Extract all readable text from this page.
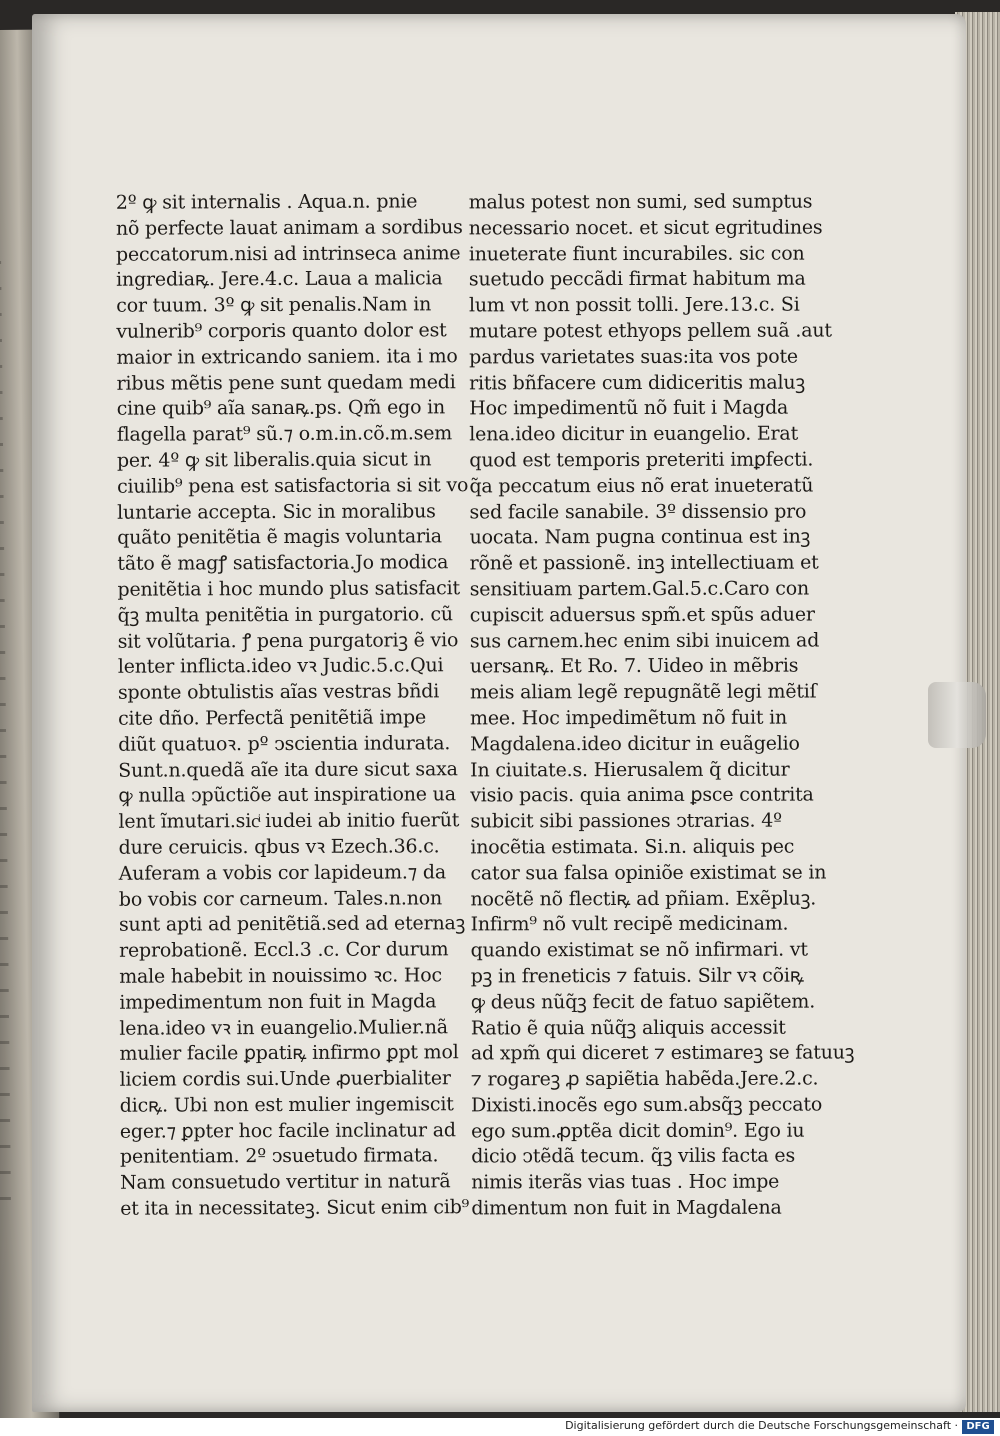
2º ꝙ sit internalis . Aqua.n. pnie
nõ perfecte lauat animam a sordibus
peccatorum.nisi ad intrinseca anime
ingrediaꝶ. Jere.4.c. Laua a malicia
cor tuum. 3º ꝙ sit penalis.Nam in
vulnerib⁹ corporis quanto dolor est
maior in extricando saniem. ita i mo
ribus mẽtis pene sunt quedam medi
cine quib⁹ aĩa sanaꝶ.ps. Qm̃ ego in
flagella parat⁹ sũ.⁊ o.m.in.cõ.m.sem
per. 4º ꝙ sit liberalis.quia sicut in
ciuilib⁹ pena est satisfactoria si sit vo
luntarie accepta. Sic in moralibus
quãto penitẽtia ẽ magis voluntaria
tãto ẽ magꝭ satisfactoria.Jo modica
penitẽtia i hoc mundo plus satisfacit
q̃ꝫ multa penitẽtia in purgatorio. cũ
sit volũtaria. ꝭ pena purgatoriꝫ ẽ vio
lenter inflicta.ideo vꝛ Judic.5.c.Qui
sponte obtulistis aĩas vestras bñdi
cite dño. Perfectã penitẽtiã impe
diũt quatuoꝛ. pº ↄscientia indurata.
Sunt.n.quedã aĩe ita dure sicut saxa
ꝙ nulla ↄpũctiõe aut inspiratione ua
lent ĩmutari.sicͥ iudei ab initio fuerũt
dure ceruicis. qbus vꝛ Ezech.36.c.
Auferam a vobis cor lapideum.⁊ da
bo vobis cor carneum. Tales.n.non
sunt apti ad penitẽtiã.sed ad eternaꝫ
reprobationẽ. Eccl.3 .c. Cor durum
male habebit in nouissimo ꝛc. Hoc
impedimentum non fuit in Magda
lena.ideo vꝛ in euangelio.Mulier.nã
mulier facile ꝑpatiꝶ infirmo ꝑpt mol
liciem cordis sui.Unde ꝓuerbialiter
dicꝶ. Ubi non est mulier ingemiscit
eger.⁊ ꝑpter hoc facile inclinatur ad
penitentiam. 2º ↄsuetudo firmata.
Nam consuetudo vertitur in naturã
et ita in necessitateꝫ. Sicut enim cib⁹
malus potest non sumi, sed sumptus
necessario nocet. et sicut egritudines
inueterate fiunt incurabiles. sic con
suetudo peccãdi firmat habitum ma
lum vt non possit tolli. Jere.13.c. Si
mutare potest ethyops pellem suã .aut
pardus varietates suas:ita vos pote
ritis bñfacere cum didiceritis maluꝫ
Hoc impedimentũ nõ fuit i Magda
lena.ideo dicitur in euangelio. Erat
quod est temporis preteriti imꝑfecti.
q̃a peccatum eius nõ erat inueteratũ
sed facile sanabile. 3º dissensio pro
uocata. Nam pugna continua est inꝫ
rõnẽ et passionẽ. inꝫ intellectiuam et
sensitiuam partem.Gal.5.c.Caro con
cupiscit aduersus spm̃.et spũs aduer
sus carnem.hec enim sibi inuicem ad
uersanꝶ. Et Ro. 7. Uideo in mẽbris
meis aliam legẽ repugnãtẽ legi mẽtiſ
mee. Hoc impedimẽtum nõ fuit in
Magdalena.ideo dicitur in euãgelio
In ciuitate.s. Hierusalem q̃ dicitur
visio pacis. quia anima ꝑsce contrita
subicit sibi passiones ↄtrarias. 4º
inocẽtia estimata. Si.n. aliquis pec
cator sua falsa opiniõe existimat se in
nocẽtẽ nõ flectiꝶ ad pñiam. Exẽpluꝫ.
Infirm⁹ nõ vult recipẽ medicinam.
quando existimat se nõ infirmari. vt
pꝫ in freneticis ⁊ fatuis. Silr vꝛ cõiꝶ
ꝙ deus nũq̃ꝫ fecit de fatuo sapiẽtem.
Ratio ẽ quia nũq̃ꝫ aliquis accessit
ad xpm̃ qui diceret ⁊ estimareꝫ se fatuuꝫ
⁊ rogareꝫ ꝓ sapiẽtia habẽda.Jere.2.c.
Dixisti.inocẽs ego sum.absq̃ꝫ peccato
ego sum.ꝓptẽa dicit domin⁹. Ego iu
dicio ↄtẽdã tecum. q̃ꝫ vilis facta es
nimis iterãs vias tuas . Hoc impe
dimentum non fuit in Magdalena
Digitalisierung gefördert durch die Deutsche Forschungsgemeinschaft · DFG
